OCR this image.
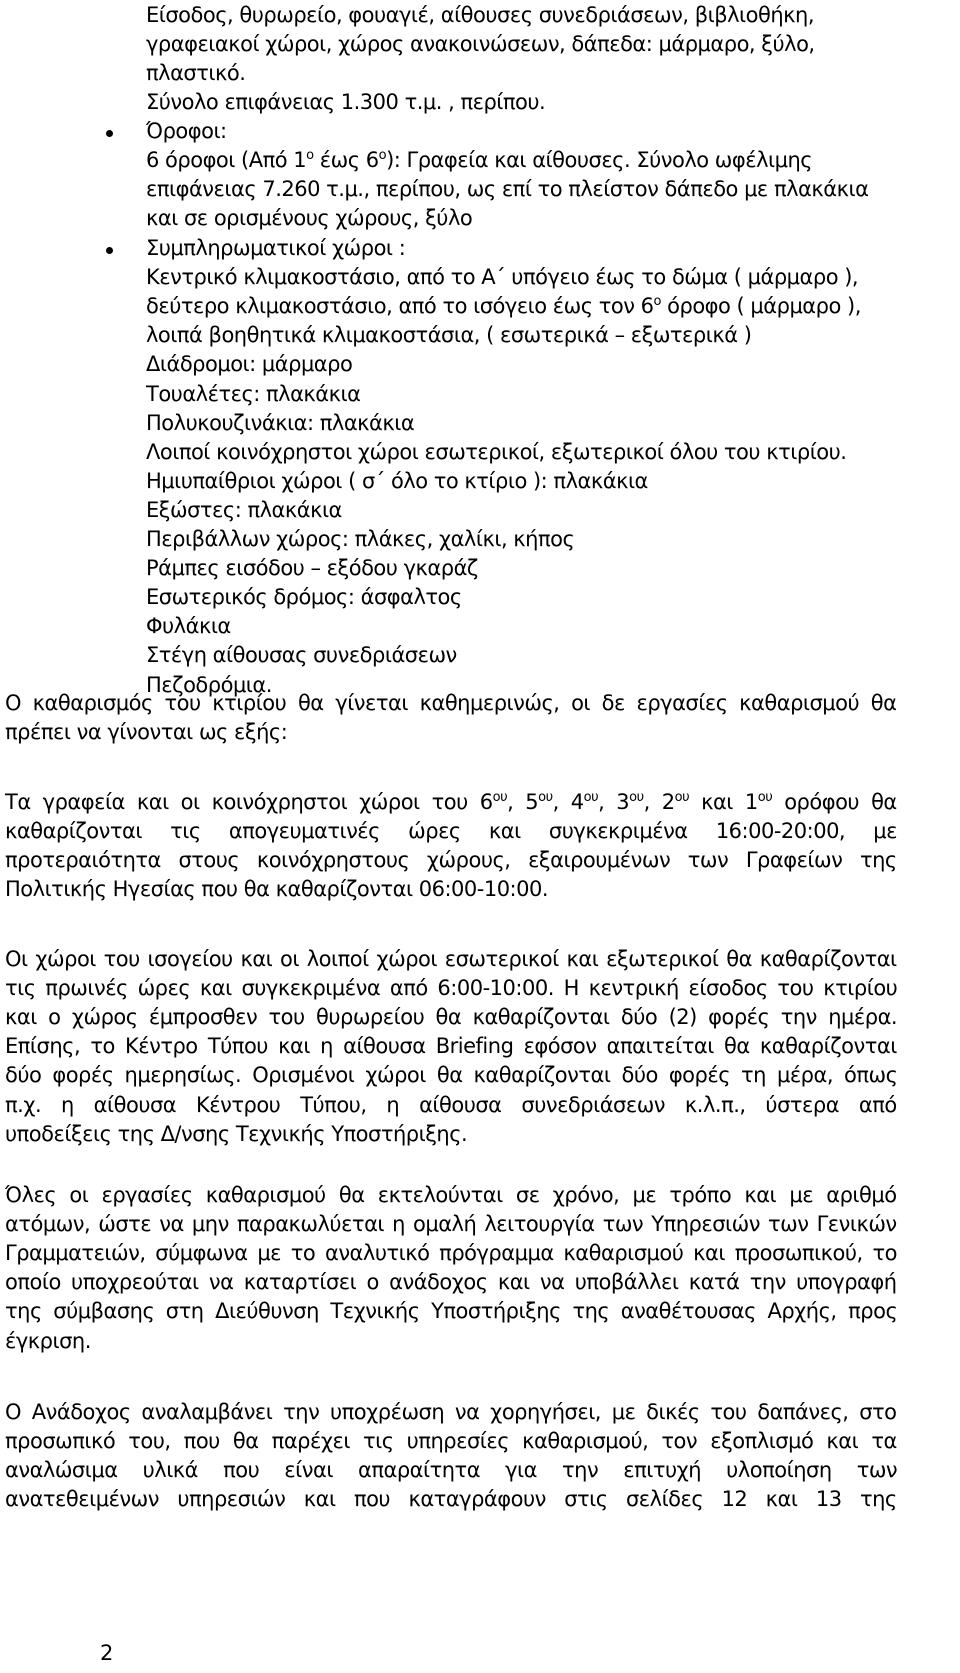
2
Είσοδος, θυρωρείο, φουαγιέ, αίθουσες συνεδριάσεων, βιβλιοθήκη,
γραφειακοί χώροι, χώρος ανακοινώσεων, δάπεδα: μάρμαρο, ξύλο,
πλαστικό.
Σύνολο επιφάνειας 1.300 τ.μ. , περίπου.
Όροφοι:
6 όροφοι (Από $1^o$ έως $6^o$): Γραφεία και αίθουσες. Σύνολο ωφέλιμης
επιφάνειας 7.260 τ.μ., περίπου, ως επί το πλείστον δάπεδο με πλακάκια
και σε ορισμένους χώρους, ξύλο
Συμπληρωματικοί χώροι :
Κεντρικό κλιμακοστάσιο, από το Α΄ υπόγειο έως το δώμα ( μάρμαρο ),
δεύτερο κλιμακοστάσιο, από το ισόγειο έως τον $6^o$ όροφο ( μάρμαρο ),
λοιπά βοηθητικά κλιμακοστάσια, ( εσωτερικά – εξωτερικά )
Διάδρομοι: μάρμαρο
Τουαλέτες: πλακάκια
Πολυκουζινάκια: πλακάκια
Λοιποί κοινόχρηστοι χώροι εσωτερικοί, εξωτερικοί όλου του κτιρίου.
Ημιυπαίθριοι χώροι ( σ΄ όλο το κτίριο ): πλακάκια
Εξώστες: πλακάκια
Περιβάλλων χώρος: πλάκες, χαλίκι, κήπος
Ράμπες εισόδου – εξόδου γκαράζ
Εσωτερικός δρόμος: άσφαλτος
Φυλάκια
Στέγη αίθουσας συνεδριάσεων
Πεζοδρόμια.
Ο καθαρισμός του κτιρίου θα γίνεται καθημερινώς, οι δε εργασίες καθαρισμού θα
πρέπει να γίνονται ως εξής:
Τα γραφεία και οι κοινόχρηστοι χώροι του $6^{o\upsilon}$, $5^{o\upsilon}$, $4^{o\upsilon}$, $3^{o\upsilon}$, $2^{o\upsilon}$ και $1^{o\upsilon}$ ορόφου θα
καθαρίζονται τις απογευματινές ώρες και συγκεκριμένα 16:00-20:00, με
προτεραιότητα στους κοινόχρηστους χώρους, εξαιρουμένων των Γραφείων της
Πολιτικής Ηγεσίας που θα καθαρίζονται 06:00-10:00.
Οι χώροι του ισογείου και οι λοιποί χώροι εσωτερικοί και εξωτερικοί θα καθαρίζονται
τις πρωινές ώρες και συγκεκριμένα από 6:00-10:00. Η κεντρική είσοδος του κτιρίου
και ο χώρος έμπροσθεν του θυρωρείου θα καθαρίζονται δύο (2) φορές την ημέρα.
Επίσης, το Κέντρο Τύπου και η αίθουσα Briefing εφόσον απαιτείται θα καθαρίζονται
δύο φορές ημερησίως. Ορισμένοι χώροι θα καθαρίζονται δύο φορές τη μέρα, όπως
π.χ. η αίθουσα Κέντρου Τύπου, η αίθουσα συνεδριάσεων κ.λ.π., ύστερα από
υποδείξεις της Δ/νσης Τεχνικής Υποστήριξης.
Όλες οι εργασίες καθαρισμού θα εκτελούνται σε χρόνο, με τρόπο και με αριθμό
ατόμων, ώστε να μην παρακωλύεται η ομαλή λειτουργία των Υπηρεσιών των Γενικών
Γραμματειών, σύμφωνα με το αναλυτικό πρόγραμμα καθαρισμού και προσωπικού, το
οποίο υποχρεούται να καταρτίσει ο ανάδοχος και να υποβάλλει κατά την υπογραφή
της σύμβασης στη Διεύθυνση Τεχνικής Υποστήριξης της αναθέτουσας Αρχής, προς
έγκριση.
Ο Ανάδοχος αναλαμβάνει την υποχρέωση να χορηγήσει, με δικές του δαπάνες, στο
προσωπικό του, που θα παρέχει τις υπηρεσίες καθαρισμού, τον εξοπλισμό και τα
αναλώσιμα υλικά που είναι απαραίτητα για την επιτυχή υλοποίηση των
ανατεθειμένων υπηρεσιών και που καταγράφουν στις σελίδες 12 και 13 της
